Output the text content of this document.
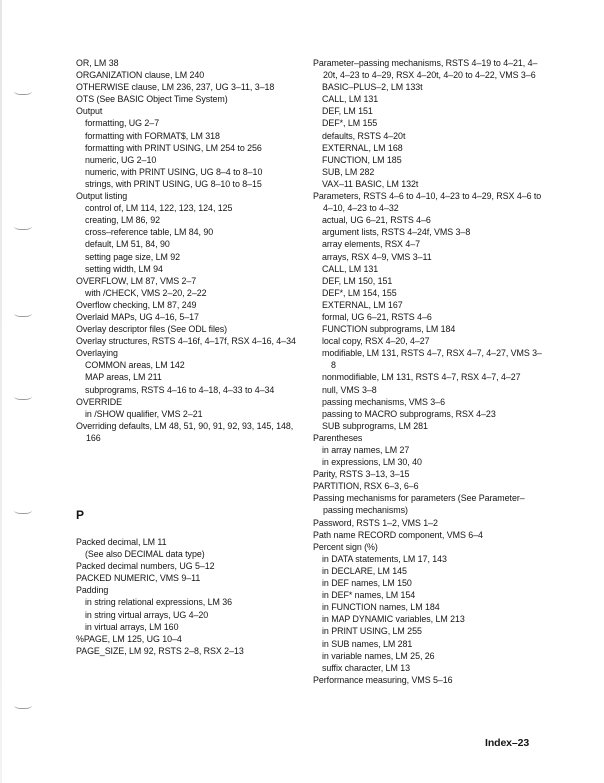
OR, LM 38
ORGANIZATION clause, LM 240
OTHERWISE clause, LM 236, 237, UG 3–11, 3–18
OTS (See BASIC Object Time System)
Output
formatting, UG 2–7
formatting with FORMAT$, LM 318
formatting with PRINT USING, LM 254 to 256
numeric, UG 2–10
numeric, with PRINT USING, UG 8–4 to 8–10
strings, with PRINT USING, UG 8–10 to 8–15
Output listing
control of, LM 114, 122, 123, 124, 125
creating, LM 86, 92
cross–reference table, LM 84, 90
default, LM 51, 84, 90
setting page size, LM 92
setting width, LM 94
OVERFLOW, LM 87, VMS 2–7
with /CHECK, VMS 2–20, 2–22
Overflow checking, LM 87, 249
Overlaid MAPs, UG 4–16, 5–17
Overlay descriptor files (See ODL files)
Overlay structures, RSTS 4–16f, 4–17f, RSX 4–16, 4–34
Overlaying
COMMON areas, LM 142
MAP areas, LM 211
subprograms, RSTS 4–16 to 4–18, 4–33 to 4–34
OVERRIDE
in /SHOW qualifier, VMS 2–21
Overriding defaults, LM 48, 51, 90, 91, 92, 93, 145, 148, 166
P
Packed decimal, LM 11
(See also DECIMAL data type)
Packed decimal numbers, UG 5–12
PACKED NUMERIC, VMS 9–11
Padding
in string relational expressions, LM 36
in string virtual arrays, UG 4–20
in virtual arrays, LM 160
%PAGE, LM 125, UG 10–4
PAGE_SIZE, LM 92, RSTS 2–8, RSX 2–13
Parameter–passing mechanisms, RSTS 4–19 to 4–21, 4–20t, 4–23 to 4–29, RSX 4–20t, 4–20 to 4–22, VMS 3–6
BASIC–PLUS–2, LM 133t
CALL, LM 131
DEF, LM 151
DEF*, LM 155
defaults, RSTS 4–20t
EXTERNAL, LM 168
FUNCTION, LM 185
SUB, LM 282
VAX–11 BASIC, LM 132t
Parameters, RSTS 4–6 to 4–10, 4–23 to 4–29, RSX 4–6 to 4–10, 4–23 to 4–32
actual, UG 6–21, RSTS 4–6
argument lists, RSTS 4–24f, VMS 3–8
array elements, RSX 4–7
arrays, RSX 4–9, VMS 3–11
CALL, LM 131
DEF, LM 150, 151
DEF*, LM 154, 155
EXTERNAL, LM 167
formal, UG 6–21, RSTS 4–6
FUNCTION subprograms, LM 184
local copy, RSX 4–20, 4–27
modifiable, LM 131, RSTS 4–7, RSX 4–7, 4–27, VMS 3–8
nonmodifiable, LM 131, RSTS 4–7, RSX 4–7, 4–27
null, VMS 3–8
passing mechanisms, VMS 3–6
passing to MACRO subprograms, RSX 4–23
SUB subprograms, LM 281
Parentheses
in array names, LM 27
in expressions, LM 30, 40
Parity, RSTS 3–13, 3–15
PARTITION, RSX 6–3, 6–6
Passing mechanisms for parameters (See Parameter–passing mechanisms)
Password, RSTS 1–2, VMS 1–2
Path name RECORD component, VMS 6–4
Percent sign (%)
in DATA statements, LM 17, 143
in DECLARE, LM 145
in DEF names, LM 150
in DEF* names, LM 154
in FUNCTION names, LM 184
in MAP DYNAMIC variables, LM 213
in PRINT USING, LM 255
in SUB names, LM 281
in variable names, LM 25, 26
suffix character, LM 13
Performance measuring, VMS 5–16
Index–23
